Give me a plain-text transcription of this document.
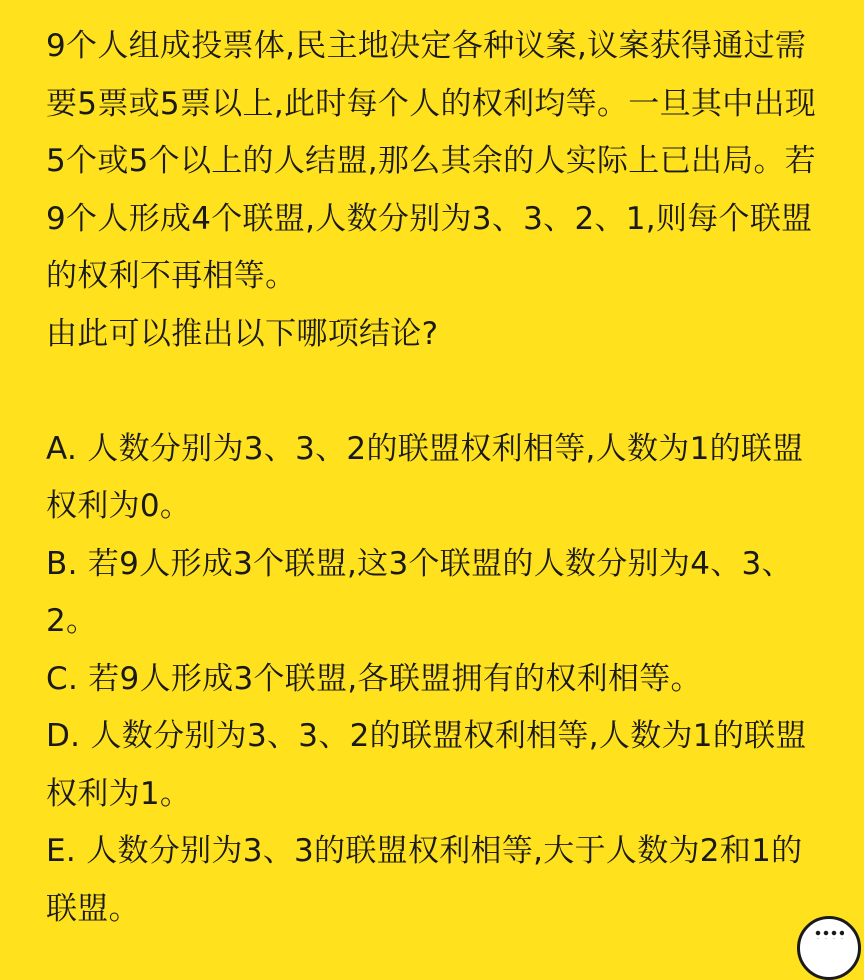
9个人组成投票体,民主地决定各种议案,议案获得通过需
要5票或5票以上,此时每个人的权利均等。一旦其中出现
5个或5个以上的人结盟,那么其余的人实际上已出局。若
9个人形成4个联盟,人数分别为3、3、2、1,则每个联盟
的权利不再相等。
由此可以推出以下哪项结论?
A. 人数分别为3、3、2的联盟权利相等,人数为1的联盟
权利为0。
B. 若9人形成3个联盟,这3个联盟的人数分别为4、3、
2。
C. 若9人形成3个联盟,各联盟拥有的权利相等。
D. 人数分别为3、3、2的联盟权利相等,人数为1的联盟
权利为1。
E. 人数分别为3、3的联盟权利相等,大于人数为2和1的
联盟。
